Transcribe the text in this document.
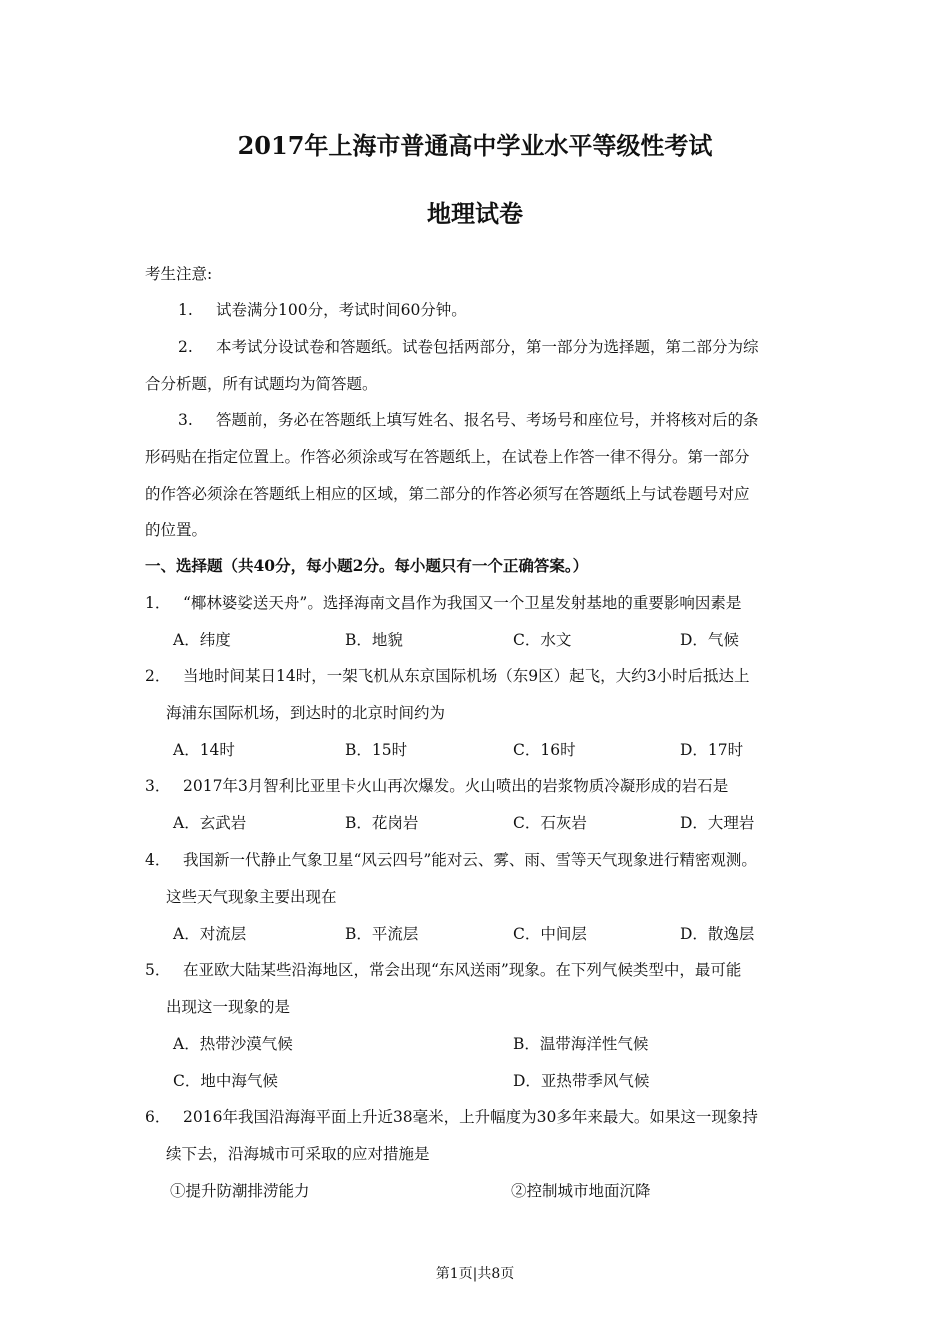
2017年上海市普通高中学业水平等级性考试
地理试卷
考生注意:
1. 试卷满分100分，考试时间60分钟。
2. 本考试分设试卷和答题纸。试卷包括两部分，第一部分为选择题，第二部分为综
合分析题，所有试题均为简答题。
3. 答题前，务必在答题纸上填写姓名、报名号、考场号和座位号，并将核对后的条
形码贴在指定位置上。作答必须涂或写在答题纸上，在试卷上作答一律不得分。第一部分
的作答必须涂在答题纸上相应的区域，第二部分的作答必须写在答题纸上与试卷题号对应
的位置。
一、选择题（共40分，每小题2分。每小题只有一个正确答案。）
1． “椰林婆娑送天舟”。选择海南文昌作为我国又一个卫星发射基地的重要影响因素是
A．纬度	B．地貌	C．水文	D．气候
2． 当地时间某日14时，一架飞机从东京国际机场（东9区）起飞，大约3小时后抵达上
海浦东国际机场，到达时的北京时间约为
A．14时	B．15时	C．16时	D．17时
3． 2017年3月智利比亚里卡火山再次爆发。火山喷出的岩浆物质冷凝形成的岩石是
A．玄武岩	B．花岗岩	C．石灰岩	D．大理岩
4． 我国新一代静止气象卫星“风云四号”能对云、雾、雨、雪等天气现象进行精密观测。
这些天气现象主要出现在
A．对流层	B．平流层	C．中间层	D．散逸层
5． 在亚欧大陆某些沿海地区，常会出现“东风送雨”现象。在下列气候类型中，最可能
出现这一现象的是
A．热带沙漠气候	B．温带海洋性气候
C．地中海气候	D．亚热带季风气候
6． 2016年我国沿海海平面上升近38毫米，上升幅度为30多年来最大。如果这一现象持
续下去，沿海城市可采取的应对措施是
①提升防潮排涝能力	②控制城市地面沉降
第1页|共8页
